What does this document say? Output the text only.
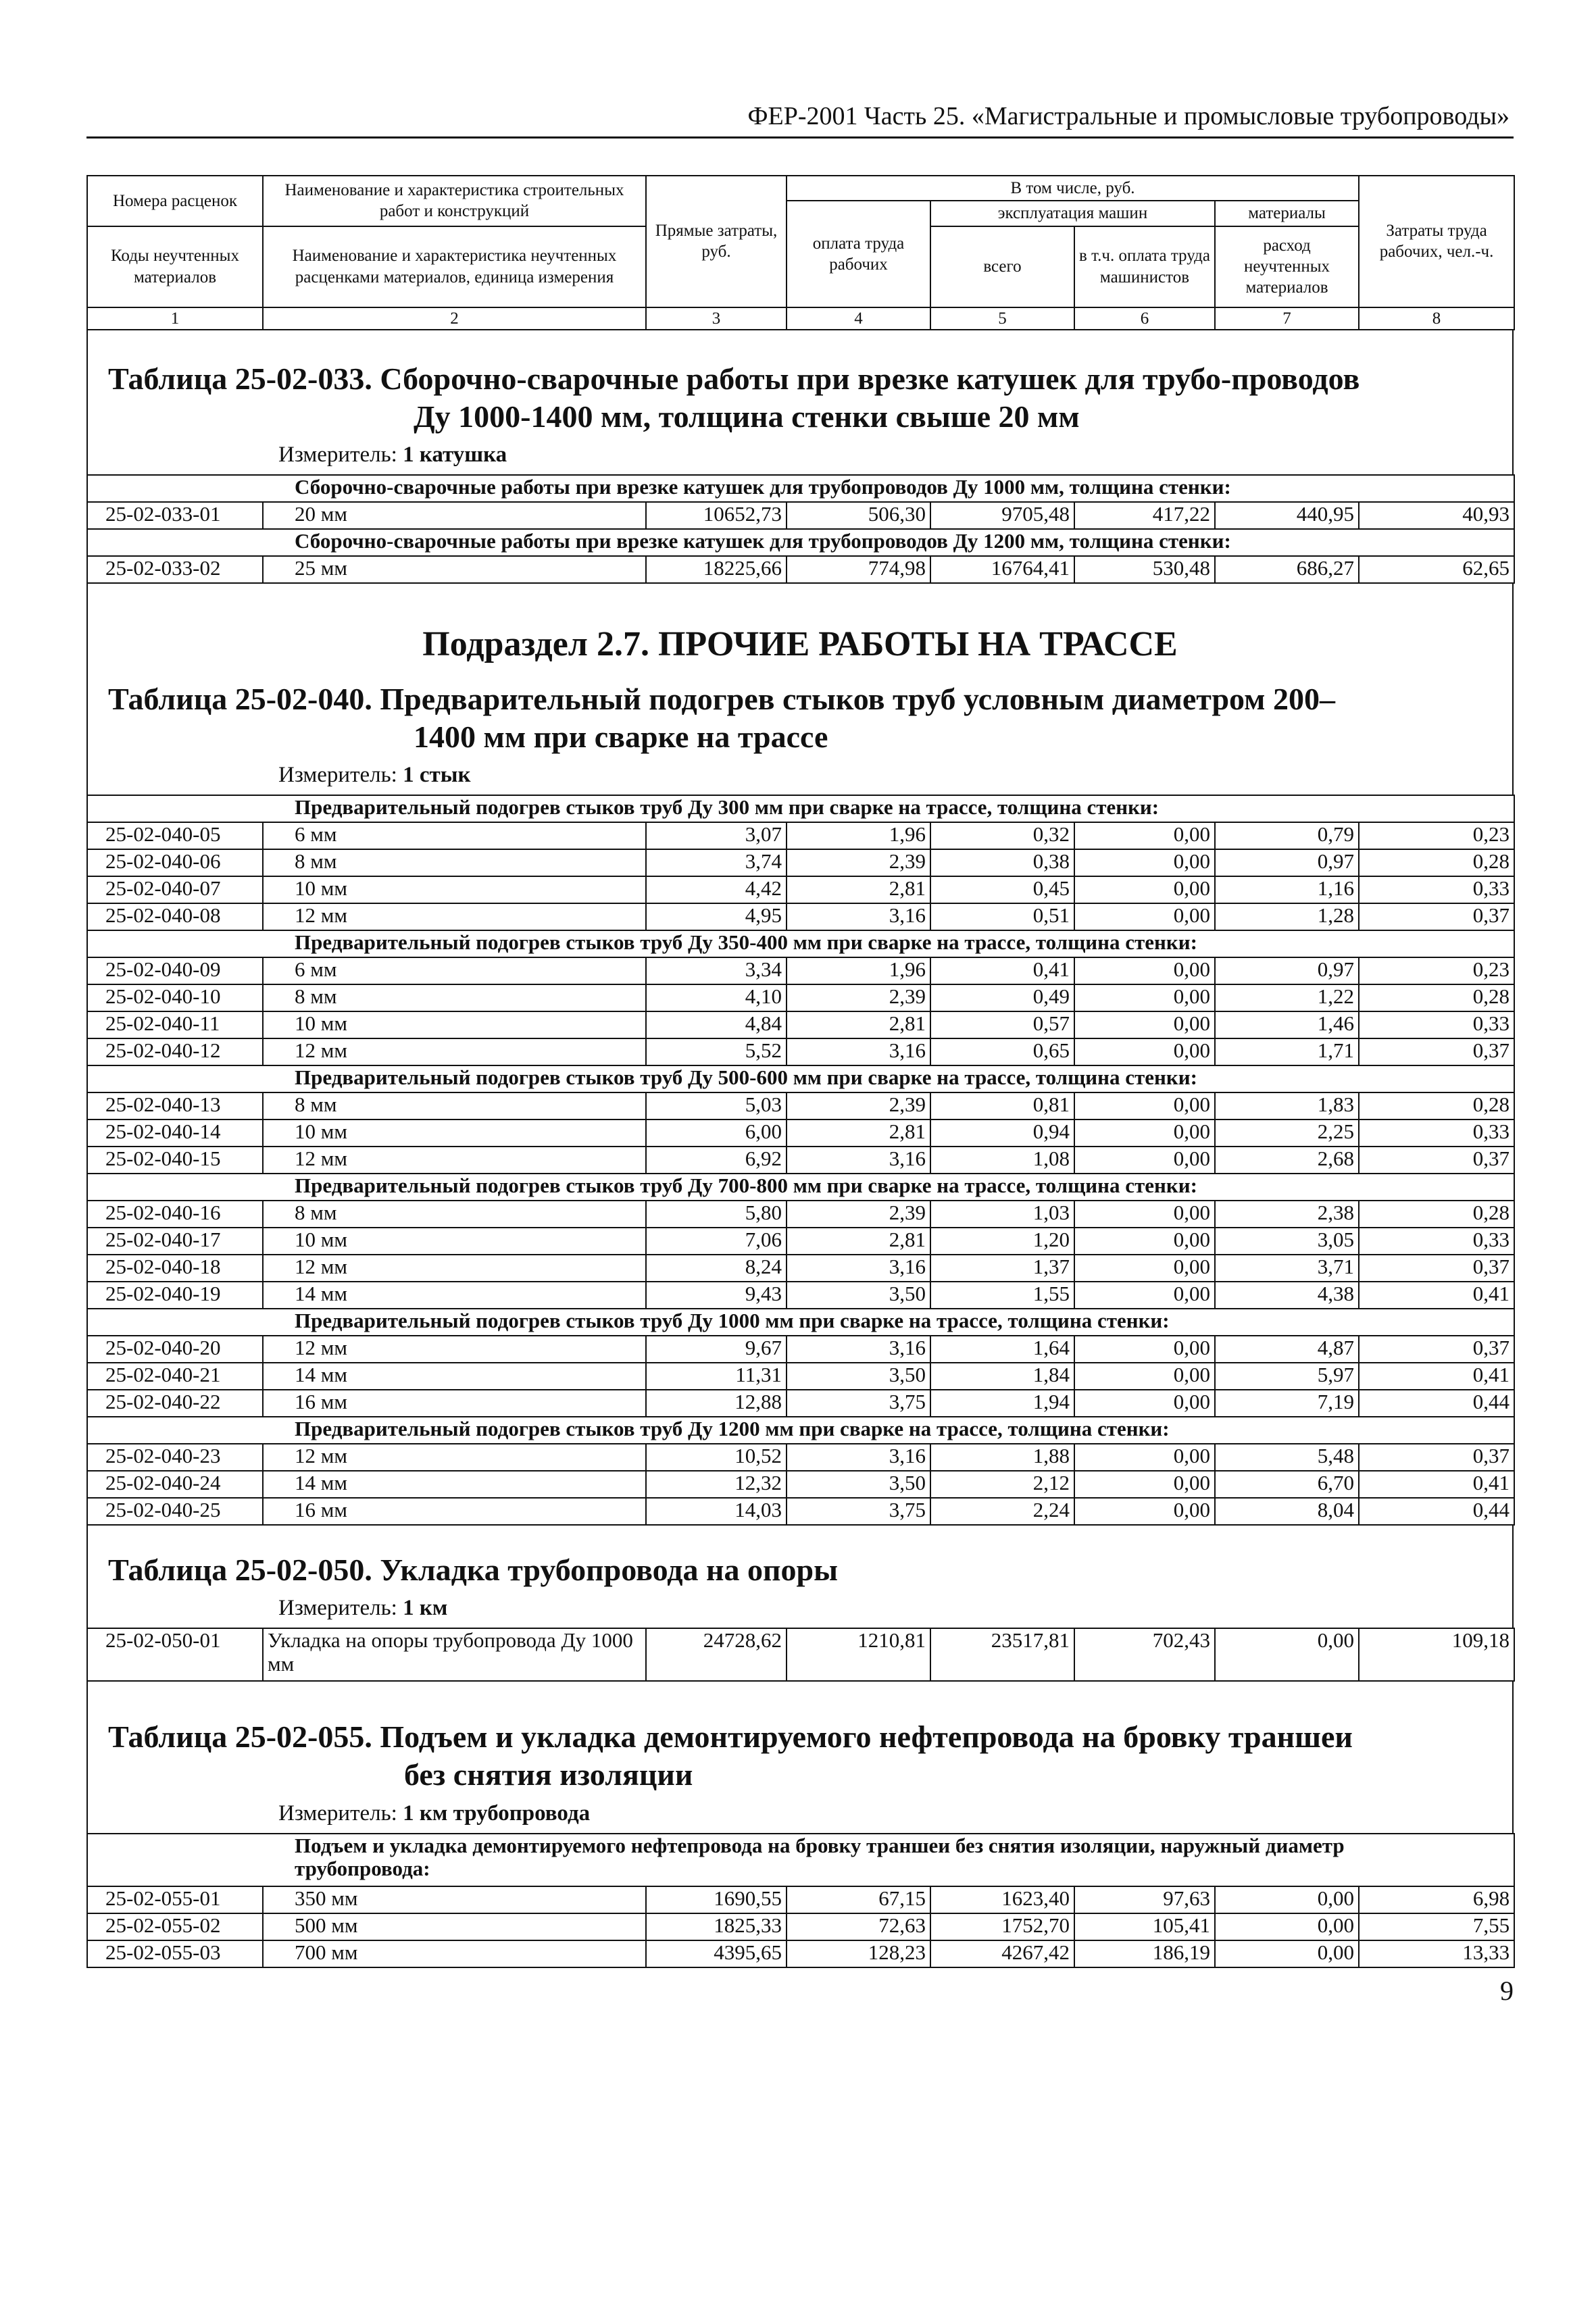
ФЕР-2001 Часть 25. «Магистральные и промысловые трубопроводы»
Номера расценок	Наименование и характеристика строительных работ и конструкций	Прямые затраты, руб.	В том числе, руб.				Затраты труда рабочих, чел.-ч.
			оплата труда рабочих	эксплуатация машин		материалы	
Коды неучтенных материалов	Наименование и характеристика неучтенных расценками материалов, единица измерения			всего	в т.ч. оплата труда машинистов	расход неучтенных материалов	

1	2	3	4	5	6	7	8
Таблица 25-02-033. Сборочно-сварочные работы при врезке катушек для трубо-проводов
Ду 1000-1400 мм, толщина стенки свыше 20 мм
Измеритель: 1 катушка
Сборочно-сварочные работы при врезке катушек для трубопроводов Ду 1000 мм, толщина стенки:							
25-02-033-01	20 мм	10652,73	506,30	9705,48	417,22	440,95	40,93
Сборочно-сварочные работы при врезке катушек для трубопроводов Ду 1200 мм, толщина стенки:							
25-02-033-02	25 мм	18225,66	774,98	16764,41	530,48	686,27	62,65
Подраздел 2.7. ПРОЧИЕ РАБОТЫ НА ТРАССЕ
Таблица 25-02-040. Предварительный подогрев стыков труб условным диаметром 200–
1400 мм при сварке на трассе
Измеритель: 1 стык
Предварительный подогрев стыков труб Ду 300 мм при сварке на трассе, толщина стенки:							
25-02-040-05	6 мм	3,07	1,96	0,32	0,00	0,79	0,23
25-02-040-06	8 мм	3,74	2,39	0,38	0,00	0,97	0,28
25-02-040-07	10 мм	4,42	2,81	0,45	0,00	1,16	0,33
25-02-040-08	12 мм	4,95	3,16	0,51	0,00	1,28	0,37
Предварительный подогрев стыков труб Ду 350-400 мм при сварке на трассе, толщина стенки:							
25-02-040-09	6 мм	3,34	1,96	0,41	0,00	0,97	0,23
25-02-040-10	8 мм	4,10	2,39	0,49	0,00	1,22	0,28
25-02-040-11	10 мм	4,84	2,81	0,57	0,00	1,46	0,33
25-02-040-12	12 мм	5,52	3,16	0,65	0,00	1,71	0,37
Предварительный подогрев стыков труб Ду 500-600 мм при сварке на трассе, толщина стенки:							
25-02-040-13	8 мм	5,03	2,39	0,81	0,00	1,83	0,28
25-02-040-14	10 мм	6,00	2,81	0,94	0,00	2,25	0,33
25-02-040-15	12 мм	6,92	3,16	1,08	0,00	2,68	0,37
Предварительный подогрев стыков труб Ду 700-800 мм при сварке на трассе, толщина стенки:							
25-02-040-16	8 мм	5,80	2,39	1,03	0,00	2,38	0,28
25-02-040-17	10 мм	7,06	2,81	1,20	0,00	3,05	0,33
25-02-040-18	12 мм	8,24	3,16	1,37	0,00	3,71	0,37
25-02-040-19	14 мм	9,43	3,50	1,55	0,00	4,38	0,41
Предварительный подогрев стыков труб Ду 1000 мм при сварке на трассе, толщина стенки:							
25-02-040-20	12 мм	9,67	3,16	1,64	0,00	4,87	0,37
25-02-040-21	14 мм	11,31	3,50	1,84	0,00	5,97	0,41
25-02-040-22	16 мм	12,88	3,75	1,94	0,00	7,19	0,44
Предварительный подогрев стыков труб Ду 1200 мм при сварке на трассе, толщина стенки:							
25-02-040-23	12 мм	10,52	3,16	1,88	0,00	5,48	0,37
25-02-040-24	14 мм	12,32	3,50	2,12	0,00	6,70	0,41
25-02-040-25	16 мм	14,03	3,75	2,24	0,00	8,04	0,44
Таблица 25-02-050. Укладка трубопровода на опоры
Измеритель: 1 км
25-02-050-01	Укладка на опоры трубопровода Ду 1000 мм	24728,62	1210,81	23517,81	702,43	0,00	109,18
Таблица 25-02-055. Подъем и укладка демонтируемого нефтепровода на бровку траншеи
без снятия изоляции
Измеритель: 1 км трубопровода
Подъем и укладка демонтируемого нефтепровода на бровку траншеи без снятия изоляции, наружный диаметр трубопровода:							
25-02-055-01	350 мм	1690,55	67,15	1623,40	97,63	0,00	6,98
25-02-055-02	500 мм	1825,33	72,63	1752,70	105,41	0,00	7,55
25-02-055-03	700 мм	4395,65	128,23	4267,42	186,19	0,00	13,33
9
